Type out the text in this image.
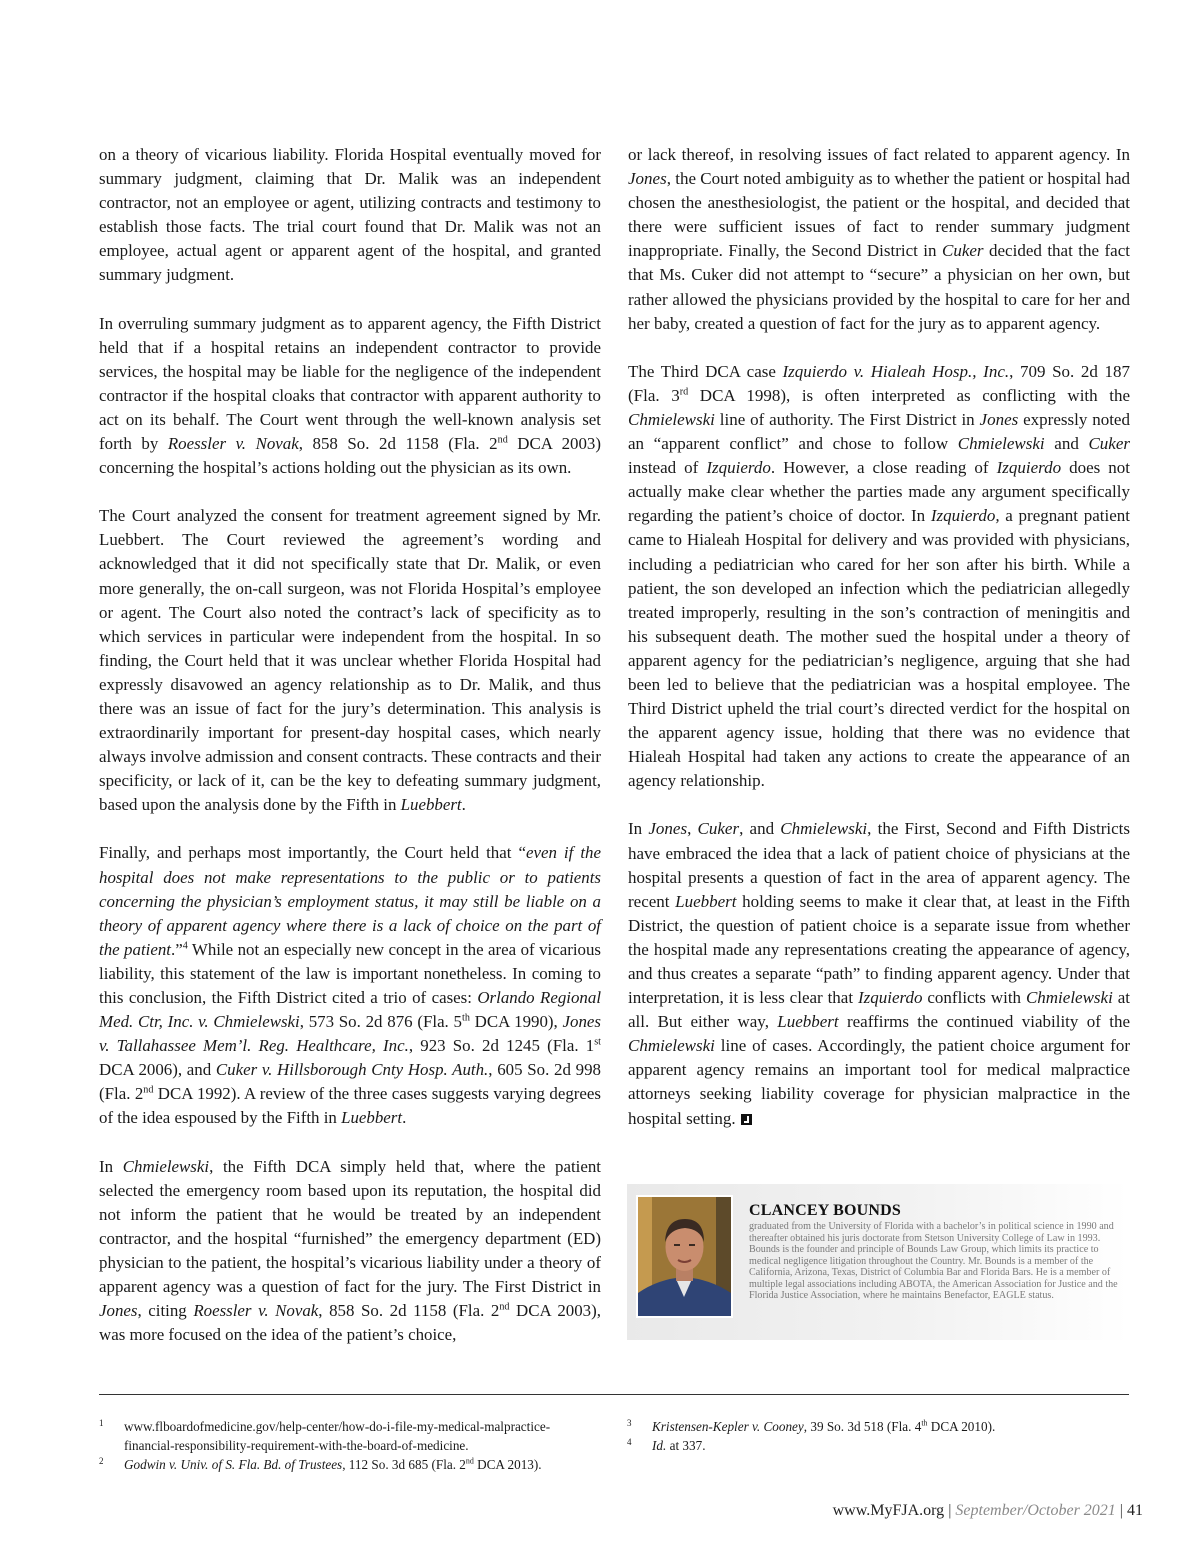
on a theory of vicarious liability. Florida Hospital eventually moved for summary judgment, claiming that Dr. Malik was an independent contractor, not an employee or agent, utilizing contracts and testimony to establish those facts. The trial court found that Dr. Malik was not an employee, actual agent or apparent agent of the hospital, and granted summary judgment.

In overruling summary judgment as to apparent agency, the Fifth District held that if a hospital retains an independent contractor to provide services, the hospital may be liable for the negligence of the independent contractor if the hospital cloaks that contractor with apparent authority to act on its behalf. The Court went through the well-known analysis set forth by Roessler v. Novak, 858 So. 2d 1158 (Fla. 2nd DCA 2003) concerning the hospital’s actions holding out the physician as its own.

The Court analyzed the consent for treatment agreement signed by Mr. Luebbert. The Court reviewed the agreement’s wording and acknowledged that it did not specifically state that Dr. Malik, or even more generally, the on-call surgeon, was not Florida Hospital’s employee or agent. The Court also noted the contract’s lack of specificity as to which services in particular were independent from the hospital. In so finding, the Court held that it was unclear whether Florida Hospital had expressly disavowed an agency relationship as to Dr. Malik, and thus there was an issue of fact for the jury’s determination. This analysis is extraordinarily important for present-day hospital cases, which nearly always involve admission and consent contracts. These contracts and their specificity, or lack of it, can be the key to defeating summary judgment, based upon the analysis done by the Fifth in Luebbert.

Finally, and perhaps most importantly, the Court held that “even if the hospital does not make representations to the public or to patients concerning the physician’s employment status, it may still be liable on a theory of apparent agency where there is a lack of choice on the part of the patient.”$^4$ While not an especially new concept in the area of vicarious liability, this statement of the law is important nonetheless. In coming to this conclusion, the Fifth District cited a trio of cases: Orlando Regional Med. Ctr, Inc. v. Chmielewski, 573 So. 2d 876 (Fla. 5th DCA 1990), Jones v. Tallahassee Mem’l. Reg. Healthcare, Inc., 923 So. 2d 1245 (Fla. 1st DCA 2006), and Cuker v. Hillsborough Cnty Hosp. Auth., 605 So. 2d 998 (Fla. 2nd DCA 1992). A review of the three cases suggests varying degrees of the idea espoused by the Fifth in Luebbert.

In Chmielewski, the Fifth DCA simply held that, where the patient selected the emergency room based upon its reputation, the hospital did not inform the patient that he would be treated by an independent contractor, and the hospital “furnished” the emergency department (ED) physician to the patient, the hospital’s vicarious liability under a theory of apparent agency was a question of fact for the jury. The First District in Jones, citing Roessler v. Novak, 858 So. 2d 1158 (Fla. 2nd DCA 2003), was more focused on the idea of the patient’s choice,

or lack thereof, in resolving issues of fact related to apparent agency. In Jones, the Court noted ambiguity as to whether the patient or hospital had chosen the anesthesiologist, the patient or the hospital, and decided that there were sufficient issues of fact to render summary judgment inappropriate. Finally, the Second District in Cuker decided that the fact that Ms. Cuker did not attempt to “secure” a physician on her own, but rather allowed the physicians provided by the hospital to care for her and her baby, created a question of fact for the jury as to apparent agency.

The Third DCA case Izquierdo v. Hialeah Hosp., Inc., 709 So. 2d 187 (Fla. 3rd DCA 1998), is often interpreted as conflicting with the Chmielewski line of authority. The First District in Jones expressly noted an “apparent conflict” and chose to follow Chmielewski and Cuker instead of Izquierdo. However, a close reading of Izquierdo does not actually make clear whether the parties made any argument specifically regarding the patient’s choice of doctor. In Izquierdo, a pregnant patient came to Hialeah Hospital for delivery and was provided with physicians, including a pediatrician who cared for her son after his birth. While a patient, the son developed an infection which the pediatrician allegedly treated improperly, resulting in the son’s contraction of meningitis and his subsequent death. The mother sued the hospital under a theory of apparent agency for the pediatrician’s negligence, arguing that she had been led to believe that the pediatrician was a hospital employee. The Third District upheld the trial court’s directed verdict for the hospital on the apparent agency issue, holding that there was no evidence that Hialeah Hospital had taken any actions to create the appearance of an agency relationship.

In Jones, Cuker, and Chmielewski, the First, Second and Fifth Districts have embraced the idea that a lack of patient choice of physicians at the hospital presents a question of fact in the area of apparent agency. The recent Luebbert holding seems to make it clear that, at least in the Fifth District, the question of patient choice is a separate issue from whether the hospital made any representations creating the appearance of agency, and thus creates a separate “path” to finding apparent agency. Under that interpretation, it is less clear that Izquierdo conflicts with Chmielewski at all. But either way, Luebbert reaffirms the continued viability of the Chmielewski line of cases. Accordingly, the patient choice argument for apparent agency remains an important tool for medical malpractice attorneys seeking liability coverage for physician malpractice in the hospital setting.

CLANCEY BOUNDS

graduated from the University of Florida with a bachelor’s in political science in 1990 and thereafter obtained his juris doctorate from Stetson University College of Law in 1993. Bounds is the founder and principle of Bounds Law Group, which limits its practice to medical negligence litigation throughout the Country. Mr. Bounds is a member of the California, Arizona, Texas, District of Columbia Bar and Florida Bars. He is a member of multiple legal associations including ABOTA, the American Association for Justice and the Florida Justice Association, where he maintains Benefactor, EAGLE status.

1 www.flboardofmedicine.gov/help-center/how-do-i-file-my-medical-malpractice-financial-responsibility-requirement-with-the-board-of-medicine.

2 Godwin v. Univ. of S. Fla. Bd. of Trustees, 112 So. 3d 685 (Fla. 2nd DCA 2013).

3 Kristensen-Kepler v. Cooney, 39 So. 3d 518 (Fla. 4th DCA 2010).

4 Id. at 337.

www.MyFJA.org | September/October 2021 | 41
